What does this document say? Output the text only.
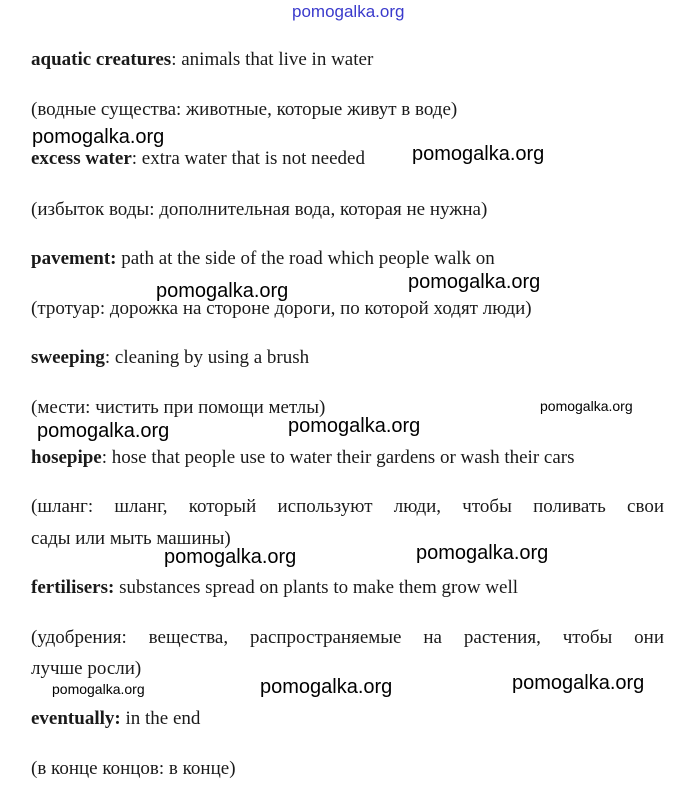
pomogalka.org
aquatic creatures: animals that live in water
(водные существа: животные, которые живут в воде)
excess water: extra water that is not needed
(избыток воды: дополнительная вода, которая не нужна)
pavement: path at the side of the road which people walk on
(тротуар: дорожка на стороне дороги, по которой ходят люди)
sweeping: cleaning by using a brush
(мести: чистить при помощи метлы)
hosepipe: hose that people use to water their gardens or wash their cars
(шланг: шланг, который используют люди, чтобы поливать свои
сады или мыть машины)
fertilisers: substances spread on plants to make them grow well
(удобрения: вещества, распространяемые на растения, чтобы они
лучше росли)
eventually: in the end
(в конце концов: в конце)
pomogalka.org
pomogalka.org
pomogalka.org
pomogalka.org
pomogalka.org
pomogalka.org	pomogalka.org
pomogalka.org	pomogalka.org
pomogalka.org	pomogalka.org	pomogalka.org
